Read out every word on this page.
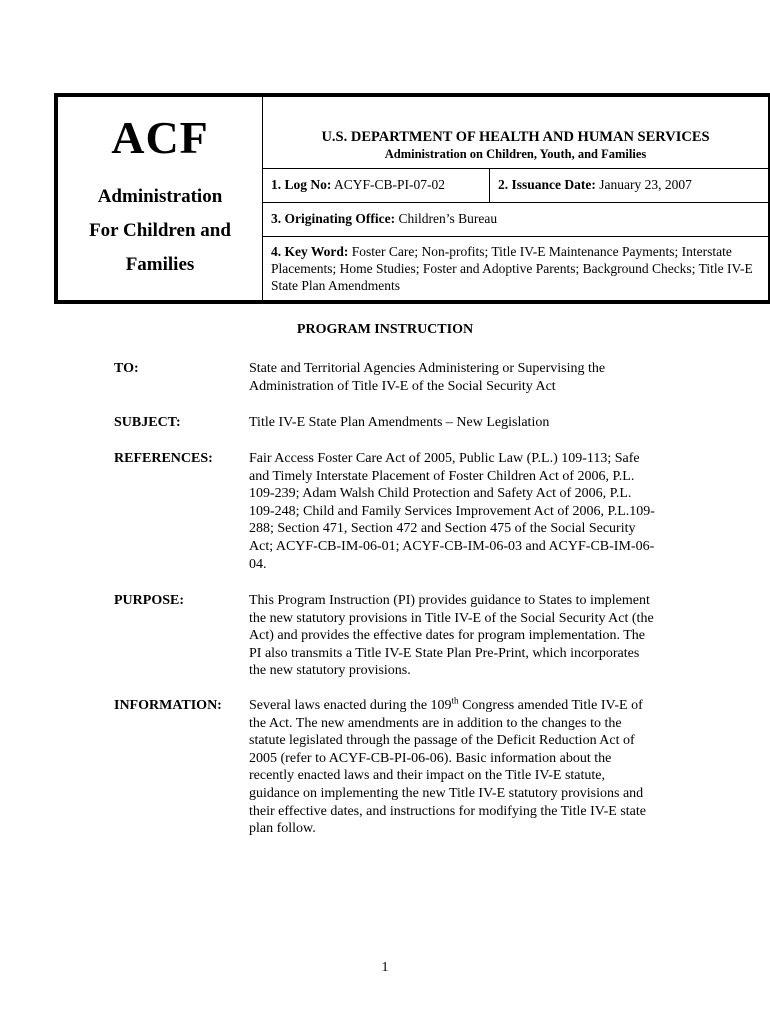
ACF
Administration
For Children and
Families
U.S. DEPARTMENT OF HEALTH AND HUMAN SERVICES
Administration on Children, Youth, and Families
1. Log No: ACYF-CB-PI-07-02	2. Issuance Date: January 23, 2007
3. Originating Office:
Children’s Bureau
4. Key Word: Foster Care; Non-profits; Title IV-E Maintenance Payments; Interstate Placements; Home Studies; Foster and Adoptive Parents; Background Checks; Title IV-E State Plan Amendments
PROGRAM INSTRUCTION
TO:	State and Territorial Agencies Administering or Supervising the Administration of Title IV-E of the Social Security Act
SUBJECT:	Title IV-E State Plan Amendments – New Legislation
REFERENCES:	Fair Access Foster Care Act of 2005, Public Law (P.L.) 109-113; Safe and Timely Interstate Placement of Foster Children Act of 2006, P.L. 109-239; Adam Walsh Child Protection and Safety Act of 2006, P.L. 109-248; Child and Family Services Improvement Act of 2006, P.L.109-288; Section 471, Section 472 and Section 475 of the Social Security Act; ACYF-CB-IM-06-01; ACYF-CB-IM-06-03 and ACYF-CB-IM-06-04.
PURPOSE:	This Program Instruction (PI) provides guidance to States to implement the new statutory provisions in Title IV-E of the Social Security Act (the Act) and provides the effective dates for program implementation. The PI also transmits a Title IV-E State Plan Pre-Print, which incorporates the new statutory provisions.
INFORMATION:	Several laws enacted during the 109th Congress amended Title IV-E of the Act. The new amendments are in addition to the changes to the statute legislated through the passage of the Deficit Reduction Act of 2005 (refer to ACYF-CB-PI-06-06). Basic information about the recently enacted laws and their impact on the Title IV-E statute, guidance on implementing the new Title IV-E statutory provisions and their effective dates, and instructions for modifying the Title IV-E state plan follow.
1
